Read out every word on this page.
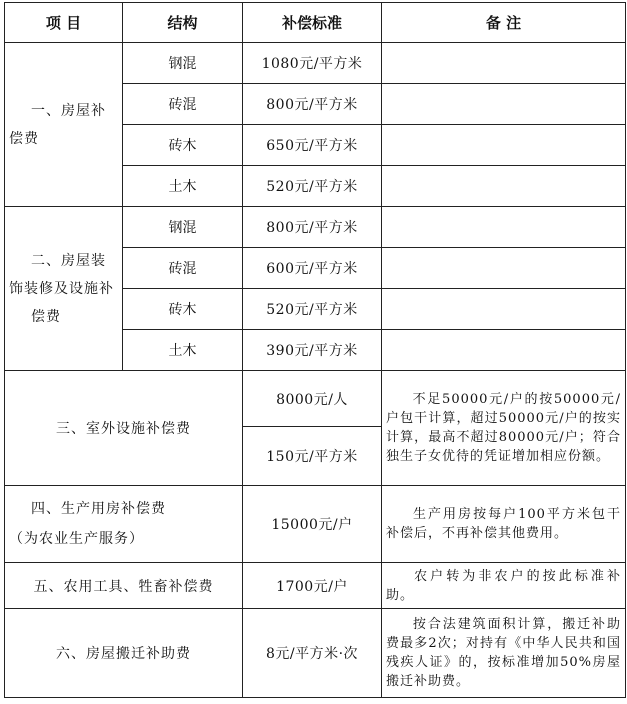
项 目	结构	补偿标准	备 注
一、房屋补
偿费	钢混	1080元/平方米	
	砖混	800元/平方米	
	砖木	650元/平方米	
	土木	520元/平方米	
二、房屋装
饰装修及设施补
偿费	钢混	800元/平方米	
	砖混	600元/平方米	
	砖木	520元/平方米	
	土木	390元/平方米	
三、室外设施补偿费		8000元/人	不足50000元/户的按50000元/户包干计算，超过50000元/户的按实计算，最高不超过80000元/户；符合独生子女优待的凭证增加相应份额。
		150元/平方米	
四、生产用房补偿费
（为农业生产服务）		15000元/户	生产用房按每户100平方米包干补偿后，不再补偿其他费用。
五、农用工具、牲畜补偿费		1700元/户	农户转为非农户的按此标准补助。
六、房屋搬迁补助费		8元/平方米·次	按合法建筑面积计算，搬迁补助费最多2次；对持有《中华人民共和国残疾人证》的，按标准增加50%房屋搬迁补助费。
